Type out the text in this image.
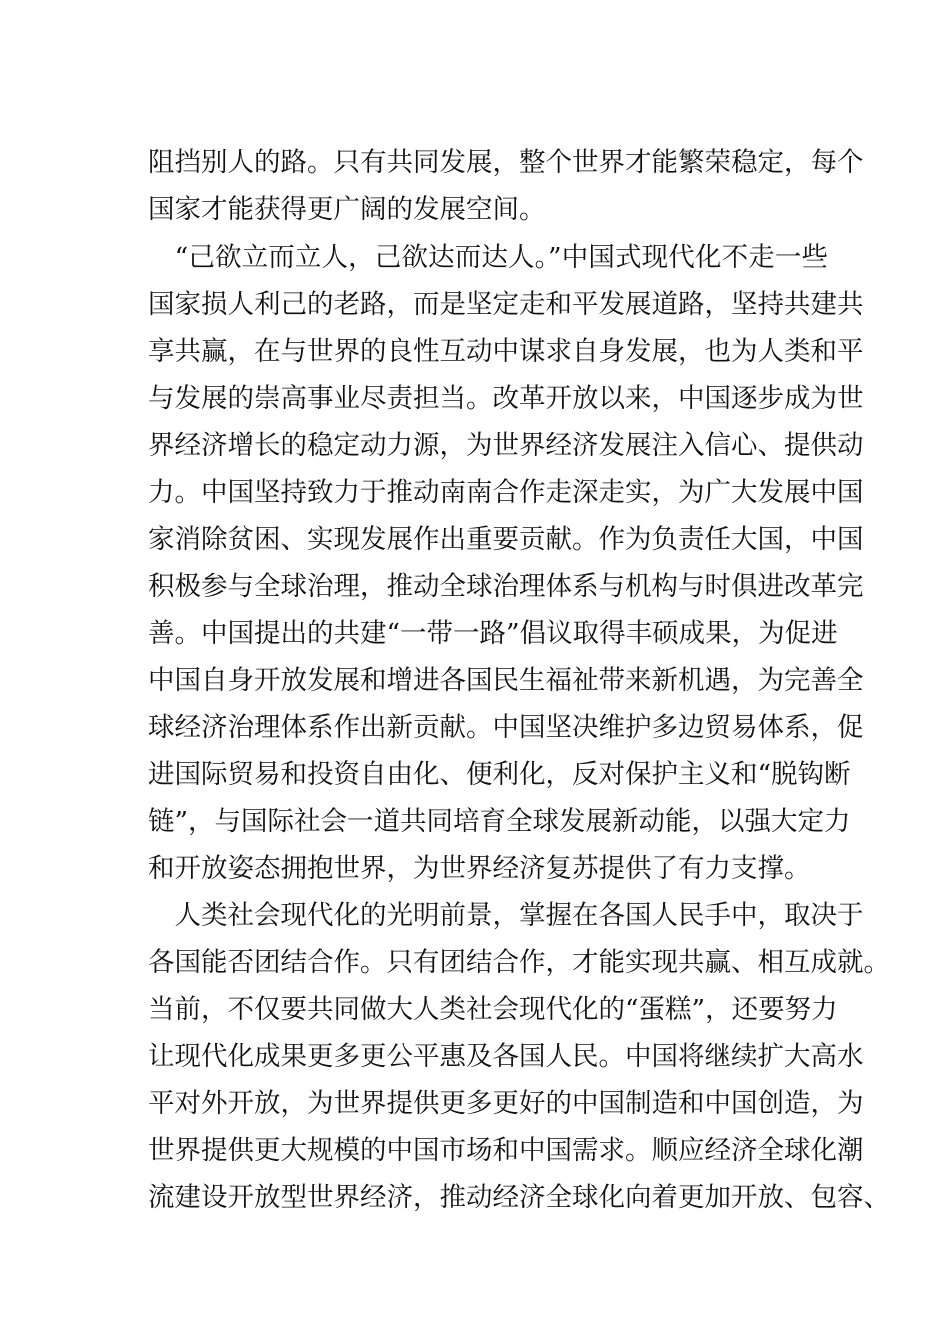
阻挡别人的路。只有共同发展，整个世界才能繁荣稳定，每个
国家才能获得更广阔的发展空间。
　“己欲立而立人，己欲达而达人。”中国式现代化不走一些
国家损人利己的老路，而是坚定走和平发展道路，坚持共建共
享共赢，在与世界的良性互动中谋求自身发展，也为人类和平
与发展的崇高事业尽责担当。改革开放以来，中国逐步成为世
界经济增长的稳定动力源，为世界经济发展注入信心、提供动
力。中国坚持致力于推动南南合作走深走实，为广大发展中国
家消除贫困、实现发展作出重要贡献。作为负责任大国，中国
积极参与全球治理，推动全球治理体系与机构与时俱进改革完
善。中国提出的共建“一带一路”倡议取得丰硕成果，为促进
中国自身开放发展和增进各国民生福祉带来新机遇，为完善全
球经济治理体系作出新贡献。中国坚决维护多边贸易体系，促
进国际贸易和投资自由化、便利化，反对保护主义和“脱钩断
链”，与国际社会一道共同培育全球发展新动能，以强大定力
和开放姿态拥抱世界，为世界经济复苏提供了有力支撑。
　人类社会现代化的光明前景，掌握在各国人民手中，取决于
各国能否团结合作。只有团结合作，才能实现共赢、相互成就。
当前，不仅要共同做大人类社会现代化的“蛋糕”，还要努力
让现代化成果更多更公平惠及各国人民。中国将继续扩大高水
平对外开放，为世界提供更多更好的中国制造和中国创造，为
世界提供更大规模的中国市场和中国需求。顺应经济全球化潮
流建设开放型世界经济，推动经济全球化向着更加开放、包容、
